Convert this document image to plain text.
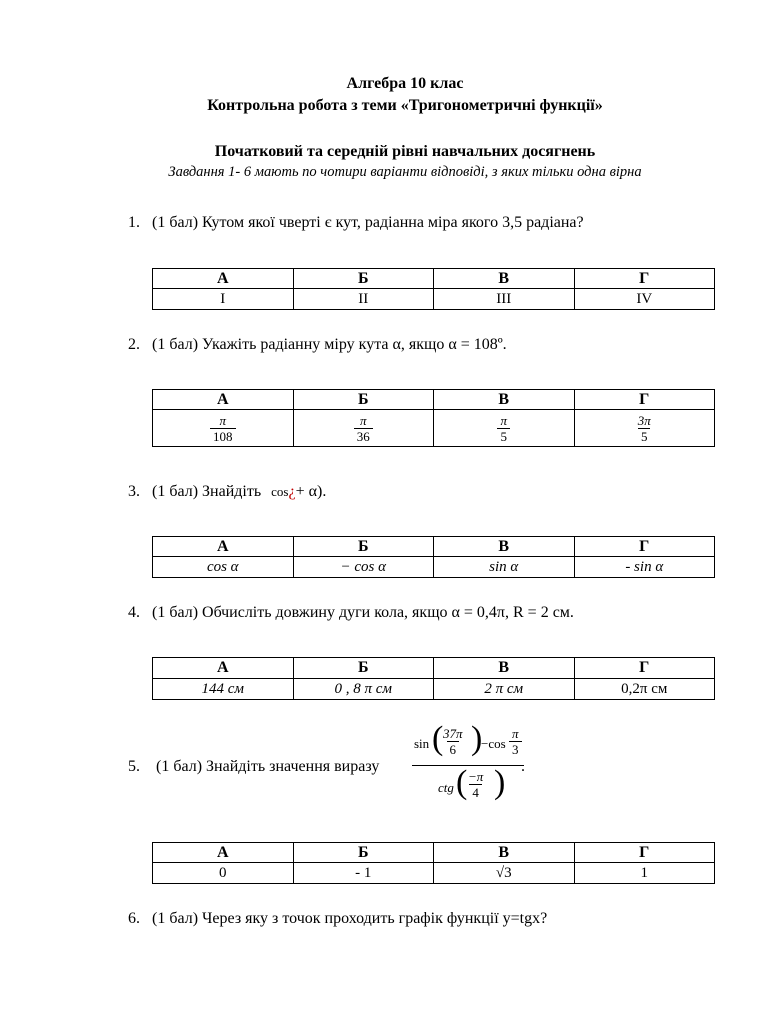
Алгебра 10 клас
Контрольна робота з теми «Тригонометричні функції»
Початковий та середній рівні навчальних досягнень
Завдання 1- 6 мають по чотири варіанти відповіді, з яких тільки одна вірна
1. (1 бал) Кутом якої чверті є кут, радіанна міра якого 3,5 радіана?
А	Б	В	Г
I	II	III	IV
2. (1 бал) Укажіть радіанну міру кута α, якщо α = 108º.
А	Б	В	Г

$\frac{\pi}{108}$	$\frac{\pi}{36}$	$\frac{\pi}{5}$	$\frac{3\pi}{5}$
3. (1 бал) Знайдіть cos¿+ α).
А	Б	В	Г
cos α	− cos α	sin α	- sin α
4. (1 бал) Обчисліть довжину дуги кола, якщо α = 0,4π, R = 2 см.
А	Б	В	Г
144 см	0 , 8 π см	2 π см	0,2π см
5. (1 бал) Знайдіть значення виразу
sin (
$\frac{37\pi}{6}$ )
$-\cos \frac{\pi}{3}$
ctg (
$\frac{-\pi}{4}$ ) .
А	Б	В	Г
0	- 1	√3	1
6. (1 бал) Через яку з точок проходить графік функції y=tgx?
